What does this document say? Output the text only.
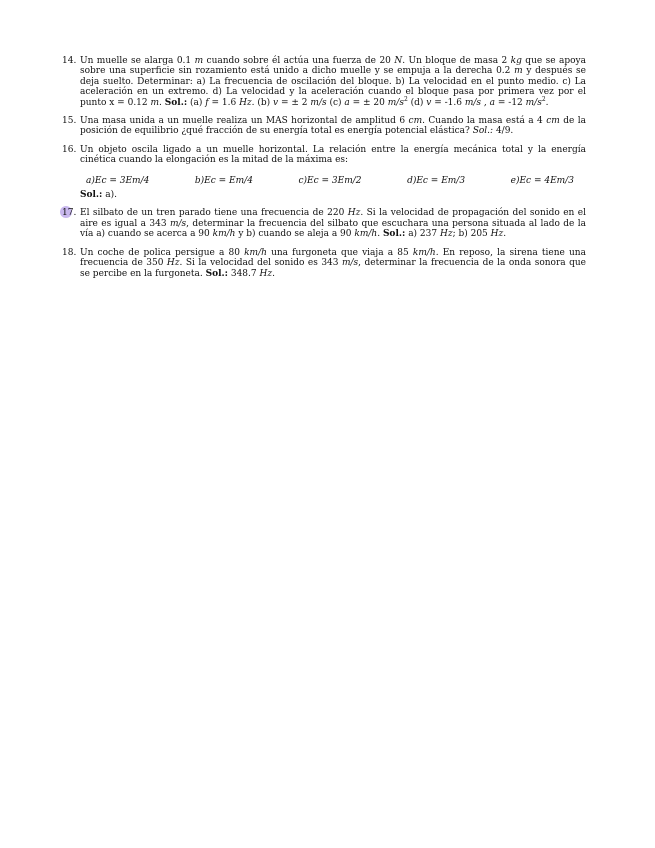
14. Un muelle se alarga 0.1 m cuando sobre él actúa una fuerza de 20 N. Un bloque de masa 2 kg que se apoya sobre una superficie sin rozamiento está unido a dicho muelle y se empuja a la derecha 0.2 m y después se deja suelto. Determinar: a) La frecuencia de oscilación del bloque. b) La velocidad en el punto medio. c) La aceleración en un extremo. d) La velocidad y la aceleración cuando el bloque pasa por primera vez por el punto x = 0.12 m. Sol.: (a) f = 1.6 Hz. (b) v = ± 2 m/s (c) a = ± 20 $m/s^2$ (d) v = -1.6 m/s , a = -12 $m/s^2$.
15. Una masa unida a un muelle realiza un MAS horizontal de amplitud 6 cm. Cuando la masa está a 4 cm de la posición de equilibrio ¿qué fracción de su energía total es energía potencial elástica? Sol.: 4/9.
16. Un objeto oscila ligado a un muelle horizontal. La relación entre la energía mecánica total y la energía cinética cuando la elongación es la mitad de la máxima es:
a)Ec = 3Em/4	b)Ec = Em/4	c)Ec = 3Em/2	d)Ec = Em/3	e)Ec = 4Em/3
Sol.: a).
17. El silbato de un tren parado tiene una frecuencia de 220 Hz. Si la velocidad de propagación del sonido en el aire es igual a 343 m/s, determinar la frecuencia del silbato que escuchara una persona situada al lado de la vía a) cuando se acerca a 90 km/h y b) cuando se aleja a 90 km/h. Sol.: a) 237 Hz; b) 205 Hz.
18. Un coche de polica persigue a 80 km/h una furgoneta que viaja a 85 km/h. En reposo, la sirena tiene una frecuencia de 350 Hz. Si la velocidad del sonido es 343 m/s, determinar la frecuencia de la onda sonora que se percibe en la furgoneta. Sol.: 348.7 Hz.
